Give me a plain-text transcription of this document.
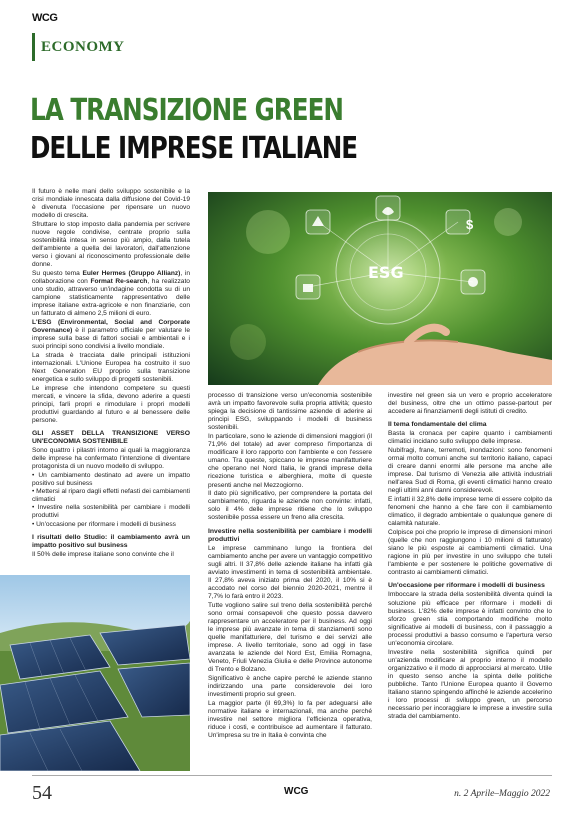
WCG
ECONOMY
LA TRANSIZIONE GREEN
DELLE IMPRESE ITALIANE
$
ESG

Il futuro è nelle mani dello sviluppo sostenibile e la crisi mondiale innescata dalla diffusione del Covid-19 è divenuta l'occasione per ripensare un nuovo modello di crescita.

Sfruttare lo stop imposto dalla pandemia per scrivere nuove regole condivise, centrate proprio sulla sostenibilità intesa in senso più ampio, dalla tutela dell'ambiente a quella dei lavoratori, dall'attenzione verso i giovani al riconoscimento professionale delle donne.

Su questo tema Euler Hermes (Gruppo Allianz), in collaborazione con Format Re-search, ha realizzato uno studio, attraverso un'indagine condotta su di un campione statisticamente rappresentativo delle imprese italiane extra-agricole e non finanziarie, con un fatturato di almeno 2,5 milioni di euro.

L'ESG (Environmental, Social and Corporate Governance) è il parametro ufficiale per valutare le imprese sulla base di fattori sociali e ambientali e i suoi principi sono condivisi a livello mondiale.

La strada è tracciata dalle principali istituzioni internazionali. L'Unione Europea ha costruito il suo Next Generation EU proprio sulla transizione energetica e sullo sviluppo di progetti sostenibili.

Le imprese che intendono competere su questi mercati, e vincere la sfida, devono aderire a questi principi, farli propri e rimodulare i propri modelli produttivi guardando al futuro e al benessere delle persone.

GLI ASSET DELLA TRANSIZIONE VERSO UN'ECONOMIA SOSTENIBILE

Sono quattro i pilastri intorno ai quali la maggioranza delle imprese ha confermato l'intenzione di diventare protagonista di un nuovo modello di sviluppo.

• Un cambiamento destinato ad avere un impatto positivo sul business
• Mettersi al riparo dagli effetti nefasti dei cambiamenti climatici
• Investire nella sostenibilità per cambiare i modelli produttivi
• Un'occasione per riformare i modelli di business
I risultati dello Studio: il cambiamento avrà un impatto positivo sul business

Il 50% delle imprese italiane sono convinte che il

processo di transizione verso un'economia sostenibile avrà un impatto favorevole sulla propria attività; questo spiega la decisione di tantissime aziende di aderire ai principi ESG, sviluppando i modelli di business sostenibili.

In particolare, sono le aziende di dimensioni maggiori (il 71,9% del totale) ad aver compreso l'importanza di modificare il loro rapporto con l'ambiente e con l'essere umano. Tra queste, spiccano le imprese manifatturiere che operano nel Nord Italia, le grandi imprese della ricezione turistica e alberghiera, molte di queste presenti anche nel Mezzogiorno.

Il dato più significativo, per comprendere la portata del cambiamento, riguarda le aziende non convinte: infatti, solo il 4% delle imprese ritiene che lo sviluppo sostenibile possa essere un freno alla crescita.

Investire nella sostenibilità per cambiare i modelli produttivi

Le imprese camminano lungo la frontiera del cambiamento anche per avere un vantaggio competitivo sugli altri. Il 37,8% delle aziende italiane ha infatti già avviato investimenti in tema di sostenibilità ambientale. Il 27,8% aveva iniziato prima del 2020, il 10% si è accodato nel corso del biennio 2020-2021, mentre il 7,7% lo farà entro il 2023.

Tutte vogliono salire sul treno della sostenibilità perché sono ormai consapevoli che questo possa davvero rappresentare un acceleratore per il business. Ad oggi le imprese più avanzate in tema di stanziamenti sono quelle manifatturiere, del turismo e dei servizi alle imprese. A livello territoriale, sono ad oggi in fase avanzata le aziende del Nord Est, Emilia Romagna, Veneto, Friuli Venezia Giulia e delle Province autonome di Trento e Bolzano.

Significativo è anche capire perché le aziende stanno indirizzando una parte considerevole dei loro investimenti proprio sul green.

La maggior parte (il 69,3%) lo fa per adeguarsi alle normative italiane e internazionali, ma anche perché investire nel settore migliora l'efficienza operativa, riduce i costi, e contribuisce ad aumentare il fatturato. Un'impresa su tre in Italia è convinta che

investire nel green sia un vero e proprio acceleratore del business, oltre che un ottimo passe-partout per accedere ai finanziamenti degli istituti di credito.

Il tema fondamentale del clima

Basta la cronaca per capire quanto i cambiamenti climatici incidano sullo sviluppo delle imprese.

Nubifragi, frane, terremoti, inondazioni: sono fenomeni ormai molto comuni anche sul territorio italiano, capaci di creare danni enormi alle persone ma anche alle imprese. Dal turismo di Venezia alle attività industriali nell'area Sud di Roma, gli eventi climatici hanno creato negli ultimi anni danni considerevoli.

E infatti il 32,8% delle imprese teme di essere colpito da fenomeni che hanno a che fare con il cambiamento climatico, il degrado ambientale o qualunque genere di calamità naturale.

Colpisce poi che proprio le imprese di dimensioni minori (quelle che non raggiungono i 10 milioni di fatturato) siano le più esposte ai cambiamenti climatici. Una ragione in più per investire in uno sviluppo che tuteli l'ambiente e per sostenere le politiche governative di contrasto ai cambiamenti climatici.

Un'occasione per riformare i modelli di business

Imboccare la strada della sostenibilità diventa quindi la soluzione più efficace per riformare i modelli di business. L'82% delle imprese è infatti convinto che lo sforzo green stia comportando modifiche molto significative ai modelli di business, con il passaggio a processi produttivi a basso consumo e l'apertura verso un'economia circolare.

Investire nella sostenibilità significa quindi per un'azienda modificare al proprio interno il modello organizzativo e il modo di approcciarsi al mercato. Utile in questo senso anche la spinta delle politiche pubbliche. Tanto l'Unione Europea quanto il Governo Italiano stanno spingendo affinché le aziende accelerino i loro processi di sviluppo green, un percorso necessario per incoraggiare le imprese a investire sulla strada del cambiamento.

54	WCG	n. 2 Aprile–Maggio 2022
